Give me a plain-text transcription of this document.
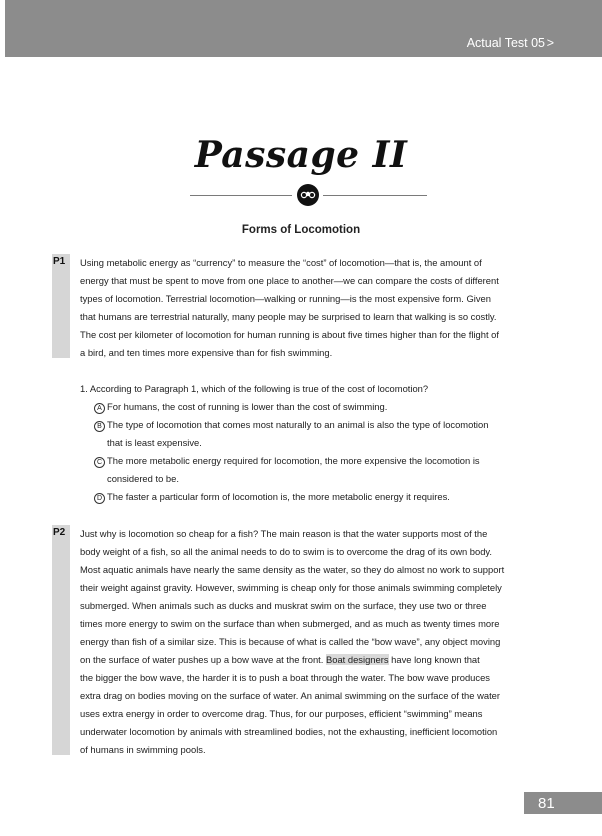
Actual Test 05 >
Passage II
Forms of Locomotion
P1	Using metabolic energy as “currency” to measure the “cost” of locomotion—that is, the amount of
energy that must be spent to move from one place to another—we can compare the costs of different
types of locomotion. Terrestrial locomotion—walking or running—is the most expensive form. Given
that humans are terrestrial naturally, many people may be surprised to learn that walking is so costly.
The cost per kilometer of locomotion for human running is about five times higher than for the flight of
a bird, and ten times more expensive than for fish swimming.
1. According to Paragraph 1, which of the following is true of the cost of locomotion?
A For humans, the cost of running is lower than the cost of swimming.
B The type of locomotion that comes most naturally to an animal is also the type of locomotion
that is least expensive.
C The more metabolic energy required for locomotion, the more expensive the locomotion is
considered to be.
D The faster a particular form of locomotion is, the more metabolic energy it requires.
P2	Just why is locomotion so cheap for a fish? The main reason is that the water supports most of the
body weight of a fish, so all the animal needs to do to swim is to overcome the drag of its own body.
Most aquatic animals have nearly the same density as the water, so they do almost no work to support
their weight against gravity. However, swimming is cheap only for those animals swimming completely
submerged. When animals such as ducks and muskrat swim on the surface, they use two or three
times more energy to swim on the surface than when submerged, and as much as twenty times more
energy than fish of a similar size. This is because of what is called the “bow wave”, any object moving
on the surface of water pushes up a bow wave at the front. Boat designers have long known that
the bigger the bow wave, the harder it is to push a boat through the water. The bow wave produces
extra drag on bodies moving on the surface of water. An animal swimming on the surface of the water
uses extra energy in order to overcome drag. Thus, for our purposes, efficient “swimming” means
underwater locomotion by animals with streamlined bodies, not the exhausting, inefficient locomotion
of humans in swimming pools.
81
